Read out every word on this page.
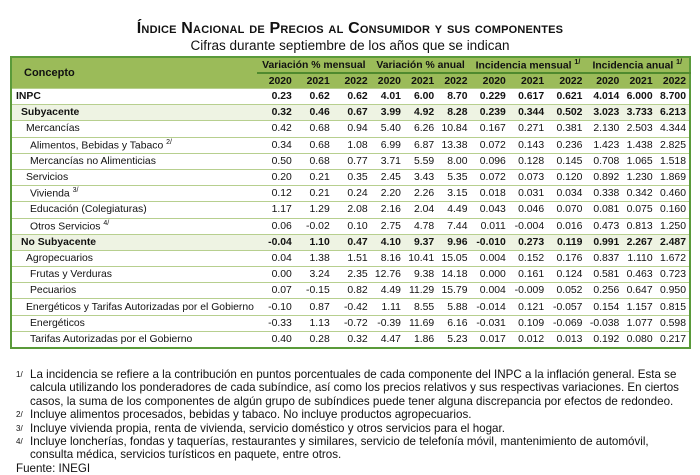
Índice Nacional de Precios al Consumidor y sus componentes
Cifras durante septiembre de los años que se indican
Concepto	Variación % mensual			Variación % anual			Incidencia mensual $^{1/}$			Incidencia anual $^{1/}$
	2020	2021	2022	2020	2021	2022	2020	2021	2022	2020	2021	2022
INPC	0.23	0.62	0.62	4.01	6.00	8.70	0.229	0.617	0.621	4.014	6.000	8.700
Subyacente	0.32	0.46	0.67	3.99	4.92	8.28	0.239	0.344	0.502	3.023	3.733	6.213
Mercancías	0.42	0.68	0.94	5.40	6.26	10.84	0.167	0.271	0.381	2.130	2.503	4.344
Alimentos, Bebidas y Tabaco $^{2/}$	0.34	0.68	1.08	6.99	6.87	13.38	0.072	0.143	0.236	1.423	1.438	2.825
Mercancías no Alimenticias	0.50	0.68	0.77	3.71	5.59	8.00	0.096	0.128	0.145	0.708	1.065	1.518
Servicios	0.20	0.21	0.35	2.45	3.43	5.35	0.072	0.073	0.120	0.892	1.230	1.869
Vivienda $^{3/}$	0.12	0.21	0.24	2.20	2.26	3.15	0.018	0.031	0.034	0.338	0.342	0.460
Educación (Colegiaturas)	1.17	1.29	2.08	2.16	2.04	4.49	0.043	0.046	0.070	0.081	0.075	0.160
Otros Servicios $^{4/}$	0.06	-0.02	0.10	2.75	4.78	7.44	0.011	-0.004	0.016	0.473	0.813	1.250
No Subyacente	-0.04	1.10	0.47	4.10	9.37	9.96	-0.010	0.273	0.119	0.991	2.267	2.487
Agropecuarios	0.04	1.38	1.51	8.16	10.41	15.05	0.004	0.152	0.176	0.837	1.110	1.672
Frutas y Verduras	0.00	3.24	2.35	12.76	9.38	14.18	0.000	0.161	0.124	0.581	0.463	0.723
Pecuarios	0.07	-0.15	0.82	4.49	11.29	15.79	0.004	-0.009	0.052	0.256	0.647	0.950
Energéticos y Tarifas Autorizadas por el Gobierno	-0.10	0.87	-0.42	1.11	8.55	5.88	-0.014	0.121	-0.057	0.154	1.157	0.815
Energéticos	-0.33	1.13	-0.72	-0.39	11.69	6.16	-0.031	0.109	-0.069	-0.038	1.077	0.598
Tarifas Autorizadas por el Gobierno	0.40	0.28	0.32	4.47	1.86	5.23	0.017	0.012	0.013	0.192	0.080	0.217
1/ La incidencia se refiere a la contribución en puntos porcentuales de cada componente del INPC a la inflación general. Esta se calcula utilizando los ponderadores de cada subíndice, así como los precios relativos y sus respectivas variaciones. En ciertos casos, la suma de los componentes de algún grupo de subíndices puede tener alguna discrepancia por efectos de redondeo.
2/ Incluye alimentos procesados, bebidas y tabaco. No incluye productos agropecuarios.
3/ Incluye vivienda propia, renta de vivienda, servicio doméstico y otros servicios para el hogar.
4/ Incluye loncherías, fondas y taquerías, restaurantes y similares, servicio de telefonía móvil, mantenimiento de automóvil, consulta médica, servicios turísticos en paquete, entre otros.
Fuente: INEGI
